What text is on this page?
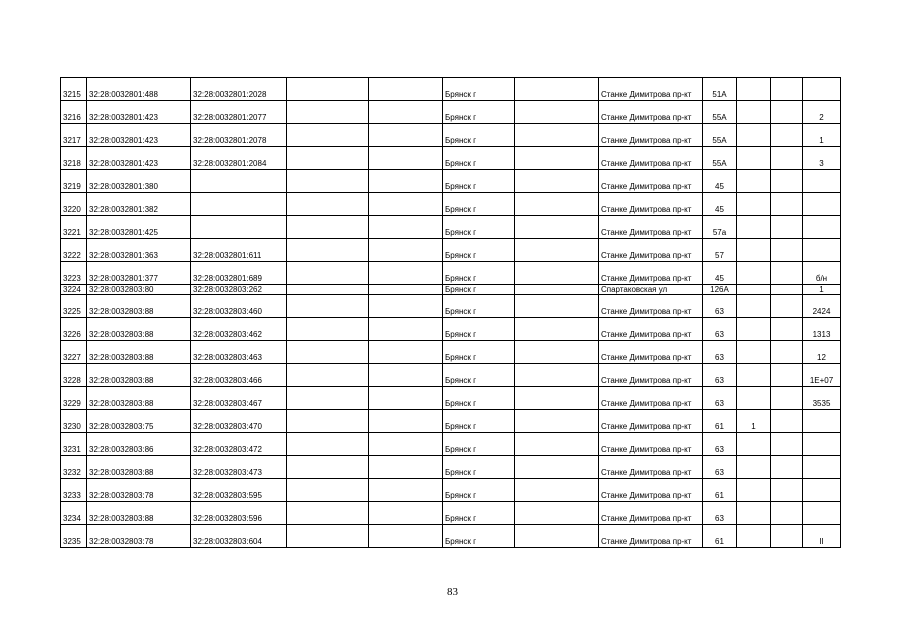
3215	32:28:0032801:488	32:28:0032801:2028			Брянск г		Станке Димитрова пр-кт	51А			
3216	32:28:0032801:423	32:28:0032801:2077			Брянск г		Станке Димитрова пр-кт	55А			2
3217	32:28:0032801:423	32:28:0032801:2078			Брянск г		Станке Димитрова пр-кт	55А			1
3218	32:28:0032801:423	32:28:0032801:2084			Брянск г		Станке Димитрова пр-кт	55А			3
3219	32:28:0032801:380				Брянск г		Станке Димитрова пр-кт	45			
3220	32:28:0032801:382				Брянск г		Станке Димитрова пр-кт	45			
3221	32:28:0032801:425				Брянск г		Станке Димитрова пр-кт	57а			
3222	32:28:0032801:363	32:28:0032801:611			Брянск г		Станке Димитрова пр-кт	57			
3223	32:28:0032801:377	32:28:0032801:689			Брянск г		Станке Димитрова пр-кт	45			б/н
3224	32:28:0032803:80	32:28:0032803:262			Брянск г		Спартаковская ул	126А			1
3225	32:28:0032803:88	32:28:0032803:460			Брянск г		Станке Димитрова пр-кт	63			2424
3226	32:28:0032803:88	32:28:0032803:462			Брянск г		Станке Димитрова пр-кт	63			1313
3227	32:28:0032803:88	32:28:0032803:463			Брянск г		Станке Димитрова пр-кт	63			12
3228	32:28:0032803:88	32:28:0032803:466			Брянск г		Станке Димитрова пр-кт	63			1E+07
3229	32:28:0032803:88	32:28:0032803:467			Брянск г		Станке Димитрова пр-кт	63			3535
3230	32:28:0032803:75	32:28:0032803:470			Брянск г		Станке Димитрова пр-кт	61	1		
3231	32:28:0032803:86	32:28:0032803:472			Брянск г		Станке Димитрова пр-кт	63			
3232	32:28:0032803:88	32:28:0032803:473			Брянск г		Станке Димитрова пр-кт	63			
3233	32:28:0032803:78	32:28:0032803:595			Брянск г		Станке Димитрова пр-кт	61			
3234	32:28:0032803:88	32:28:0032803:596			Брянск г		Станке Димитрова пр-кт	63			
3235	32:28:0032803:78	32:28:0032803:604			Брянск г		Станке Димитрова пр-кт	61			II
83
